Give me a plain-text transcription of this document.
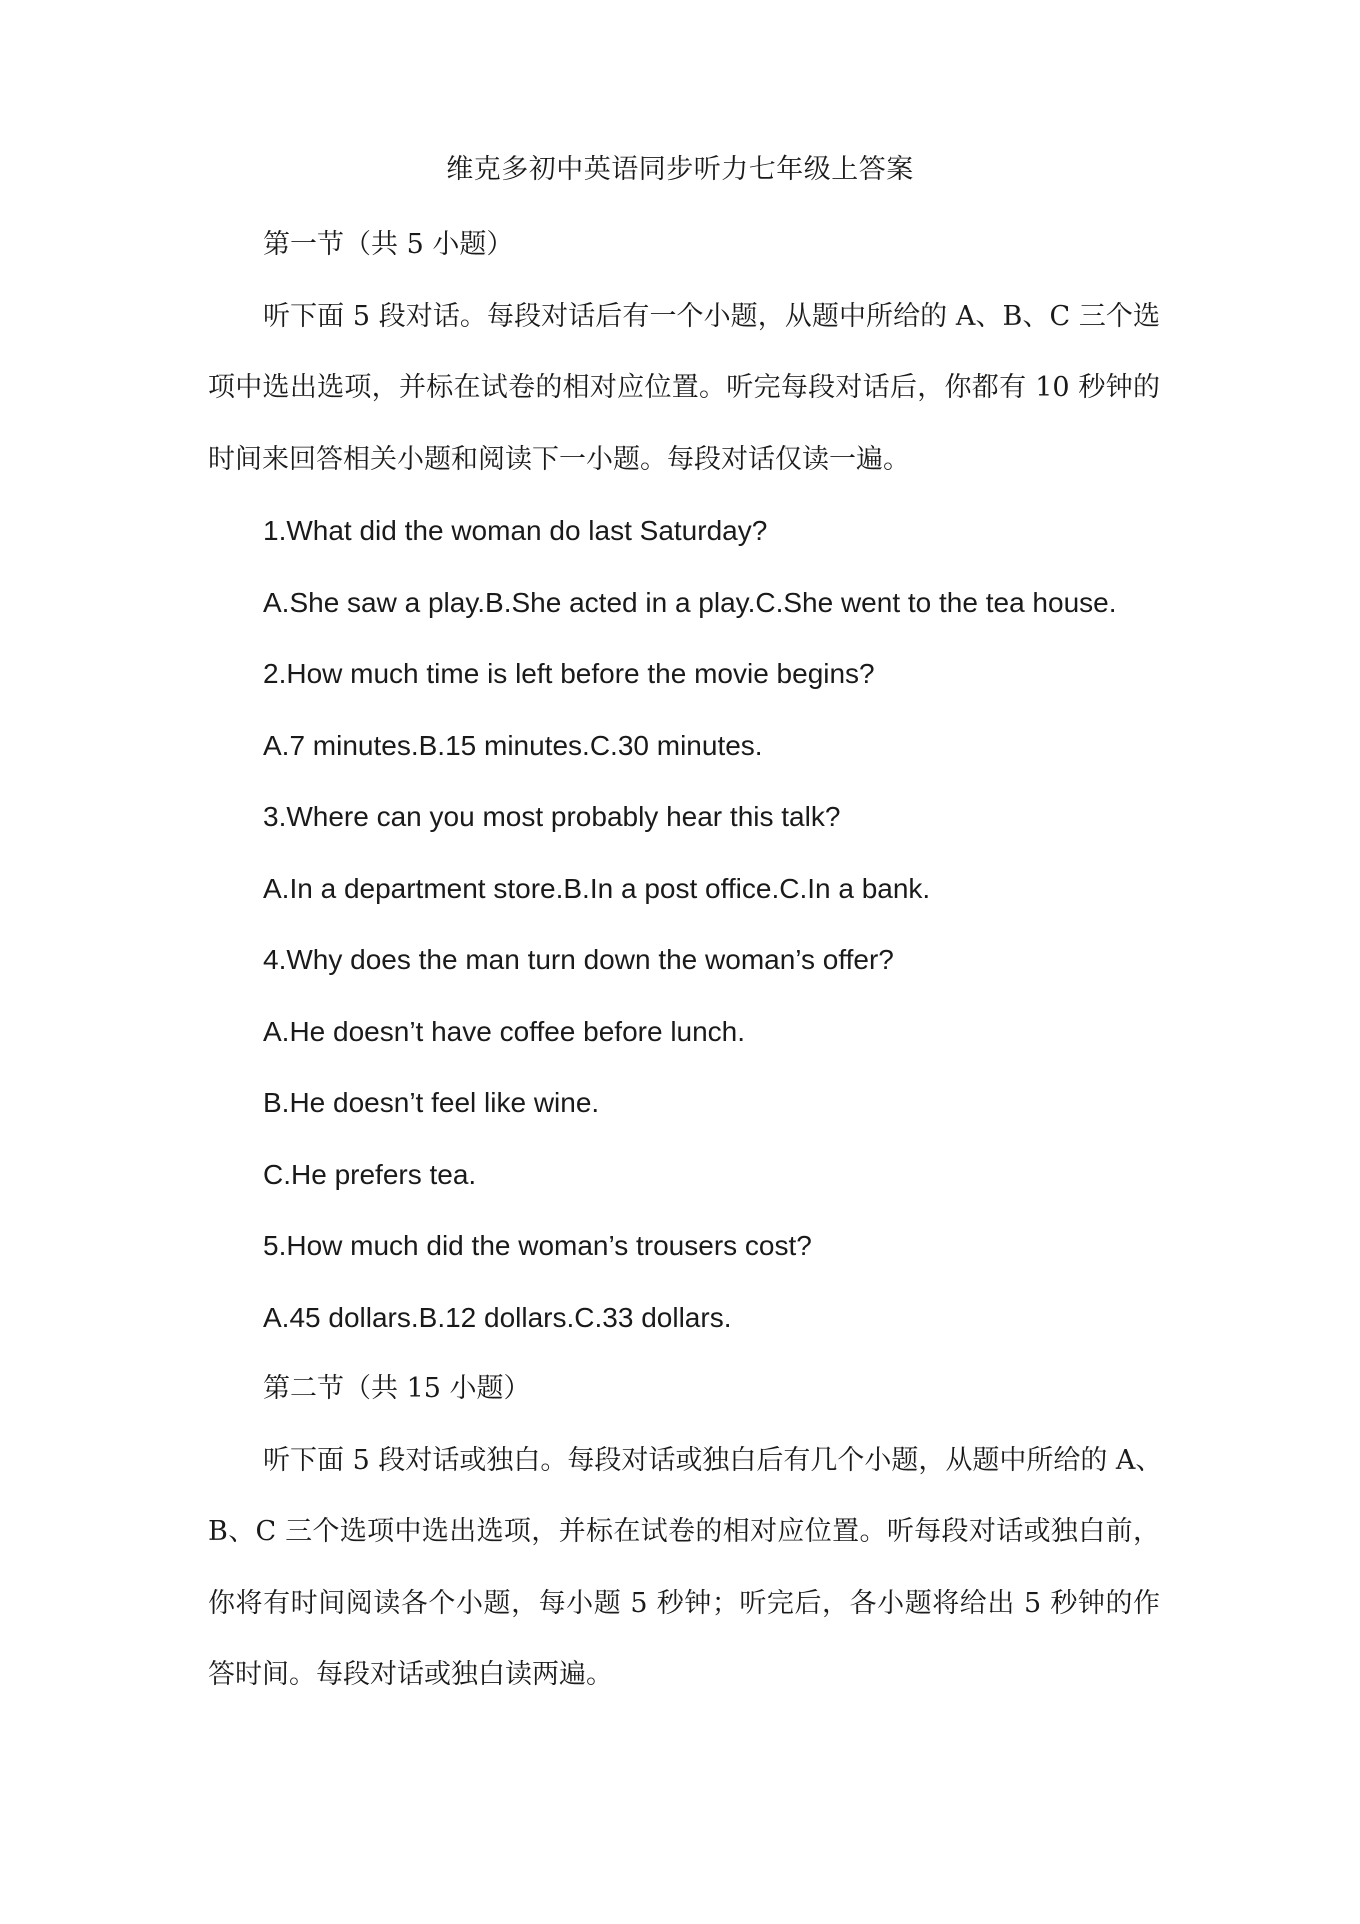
维克多初中英语同步听力七年级上答案
第一节（共 5 小题）
听下面 5 段对话。每段对话后有一个小题，从题中所给的 A、B、C 三个选
项中选出选项，并标在试卷的相对应位置。听完每段对话后，你都有 10 秒钟的
时间来回答相关小题和阅读下一小题。每段对话仅读一遍。
1.What did the woman do last Saturday?
A.She saw a play.B.She acted in a play.C.She went to the tea house.
2.How much time is left before the movie begins?
A.7 minutes.B.15 minutes.C.30 minutes.
3.Where can you most probably hear this talk?
A.In a department store.B.In a post office.C.In a bank.
4.Why does the man turn down the woman’s offer?
A.He doesn’t have coffee before lunch.
B.He doesn’t feel like wine.
C.He prefers tea.
5.How much did the woman’s trousers cost?
A.45 dollars.B.12 dollars.C.33 dollars.
第二节（共 15 小题）
听下面 5 段对话或独白。每段对话或独白后有几个小题，从题中所给的 A、
B、C 三个选项中选出选项，并标在试卷的相对应位置。听每段对话或独白前，
你将有时间阅读各个小题，每小题 5 秒钟；听完后，各小题将给出 5 秒钟的作
答时间。每段对话或独白读两遍。
